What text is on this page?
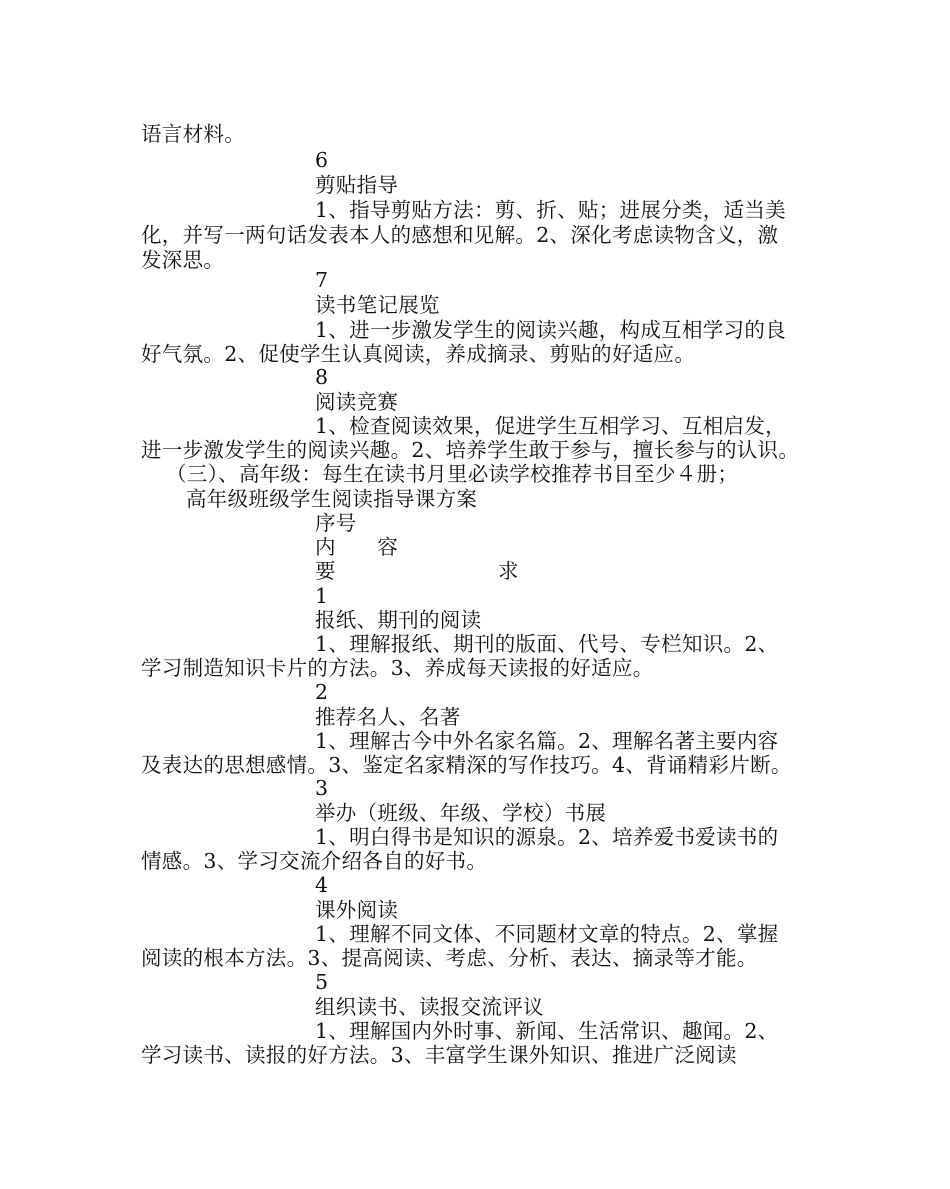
语言材料。
6
剪贴指导
1、指导剪贴方法：剪、折、贴；进展分类，适当美
化，并写一两句话发表本人的感想和见解。2、深化考虑读物含义，激
发深思。
7
读书笔记展览
1、进一步激发学生的阅读兴趣，构成互相学习的良
好气氛。2、促使学生认真阅读，养成摘录、剪贴的好适应。
8
阅读竞赛
1、检查阅读效果，促进学生互相学习、互相启发，
进一步激发学生的阅读兴趣。2、培养学生敢于参与，擅长参与的认识。
（三）、高年级：每生在读书月里必读学校推荐书目至少４册；
高年级班级学生阅读指导课方案
序号
内　　容
要	求
1
报纸、期刊的阅读
1、理解报纸、期刊的版面、代号、专栏知识。2、
学习制造知识卡片的方法。3、养成每天读报的好适应。
2
推荐名人、名著
1、理解古今中外名家名篇。2、理解名著主要内容
及表达的思想感情。3、鉴定名家精深的写作技巧。4、背诵精彩片断。
3
举办（班级、年级、学校）书展
1、明白得书是知识的源泉。2、培养爱书爱读书的
情感。3、学习交流介绍各自的好书。
4
课外阅读
1、理解不同文体、不同题材文章的特点。2、掌握
阅读的根本方法。3、提高阅读、考虑、分析、表达、摘录等才能。
5
组织读书、读报交流评议
1、理解国内外时事、新闻、生活常识、趣闻。2、
学习读书、读报的好方法。3、丰富学生课外知识、推进广泛阅读
